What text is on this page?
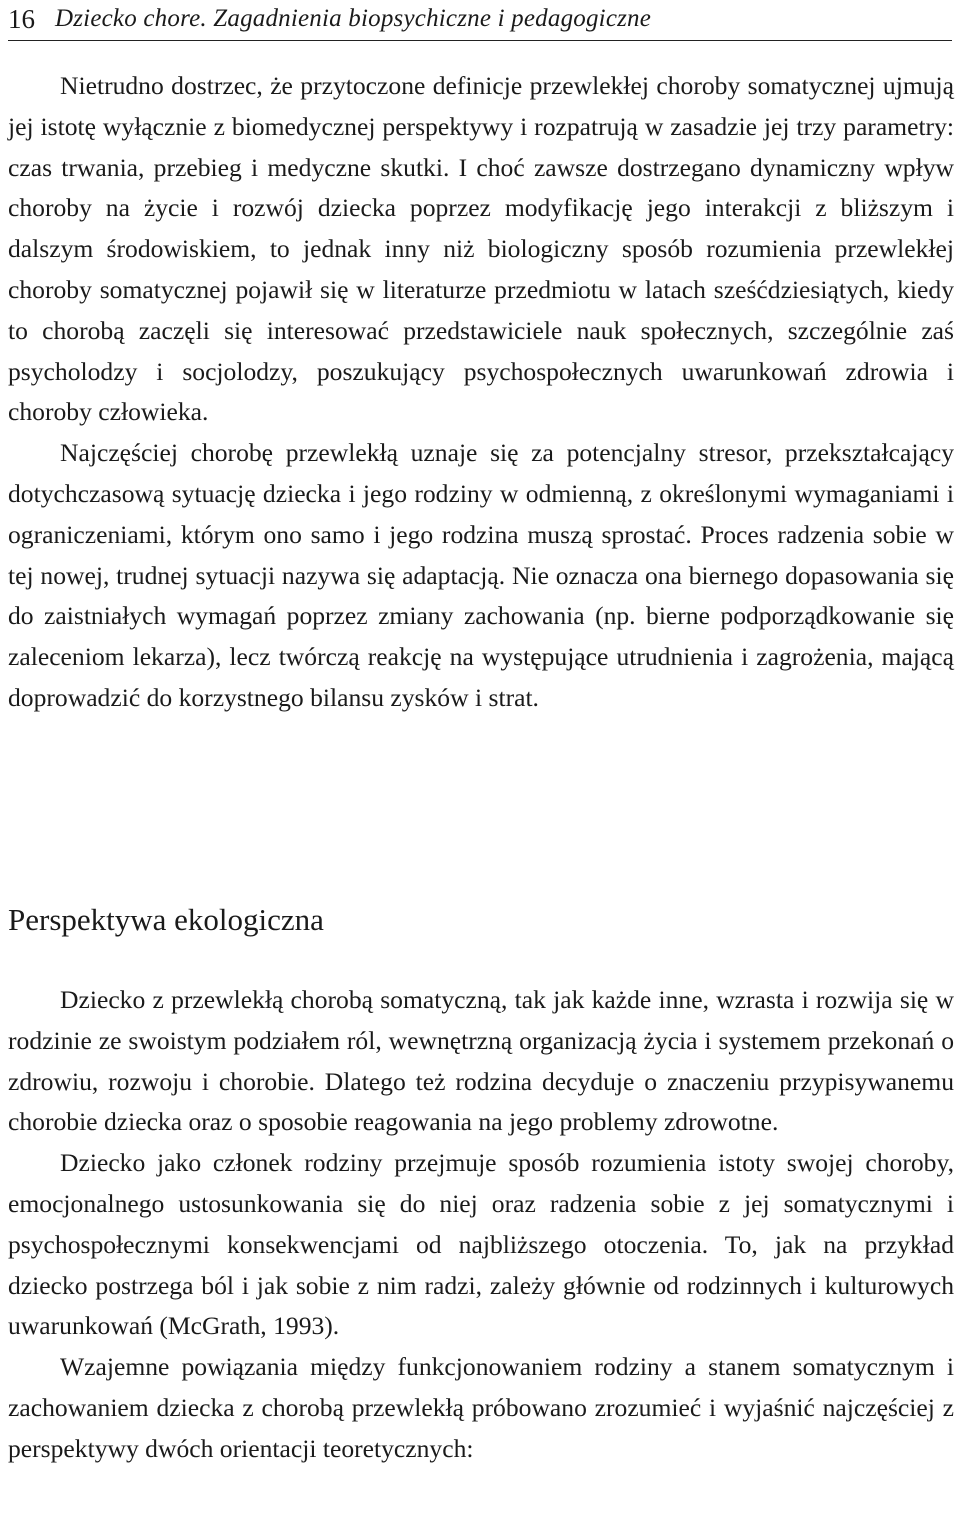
16 Dziecko chore. Zagadnienia biopsychiczne i pedagogiczne

Nietrudno dostrzec, że przytoczone definicje przewlekłej choroby somatycznej ujmują jej istotę wyłącznie z biomedycznej perspektywy i rozpatrują w zasadzie jej trzy parametry: czas trwania, przebieg i medyczne skutki. I choć zawsze dostrzegano dynamiczny wpływ choroby na życie i rozwój dziecka poprzez modyfikację jego interakcji z bliższym i dalszym środowiskiem, to jednak inny niż biologiczny sposób rozumienia przewlekłej choroby somatycznej pojawił się w literaturze przedmiotu w latach sześćdziesiątych, kiedy to chorobą zaczęli się interesować przedstawiciele nauk społecznych, szczególnie zaś psycholodzy i socjolodzy, poszukujący psychospołecznych uwarunkowań zdrowia i choroby człowieka.

Najczęściej chorobę przewlekłą uznaje się za potencjalny stresor, przekształcający dotychczasową sytuację dziecka i jego rodziny w odmienną, z określonymi wymaganiami i ograniczeniami, którym ono samo i jego rodzina muszą sprostać. Proces radzenia sobie w tej nowej, trudnej sytuacji nazywa się adaptacją. Nie oznacza ona biernego dopasowania się do zaistniałych wymagań poprzez zmiany zachowania (np. bierne podporządkowanie się zaleceniom lekarza), lecz twórczą reakcję na występujące utrudnienia i zagrożenia, mającą doprowadzić do korzystnego bilansu zysków i strat.

Perspektywa ekologiczna

Dziecko z przewlekłą chorobą somatyczną, tak jak każde inne, wzrasta i rozwija się w rodzinie ze swoistym podziałem ról, wewnętrzną organizacją życia i systemem przekonań o zdrowiu, rozwoju i chorobie. Dlatego też rodzina decyduje o znaczeniu przypisywanemu chorobie dziecka oraz o sposobie reagowania na jego problemy zdrowotne.

Dziecko jako członek rodziny przejmuje sposób rozumienia istoty swojej choroby, emocjonalnego ustosunkowania się do niej oraz radzenia sobie z jej somatycznymi i psychospołecznymi konsekwencjami od najbliższego otoczenia. To, jak na przykład dziecko postrzega ból i jak sobie z nim radzi, zależy głównie od rodzinnych i kulturowych uwarunkowań (McGrath, 1993).

Wzajemne powiązania między funkcjonowaniem rodziny a stanem somatycznym i zachowaniem dziecka z chorobą przewlekłą próbowano zrozumieć i wyjaśnić najczęściej z perspektywy dwóch orientacji teoretycznych:
